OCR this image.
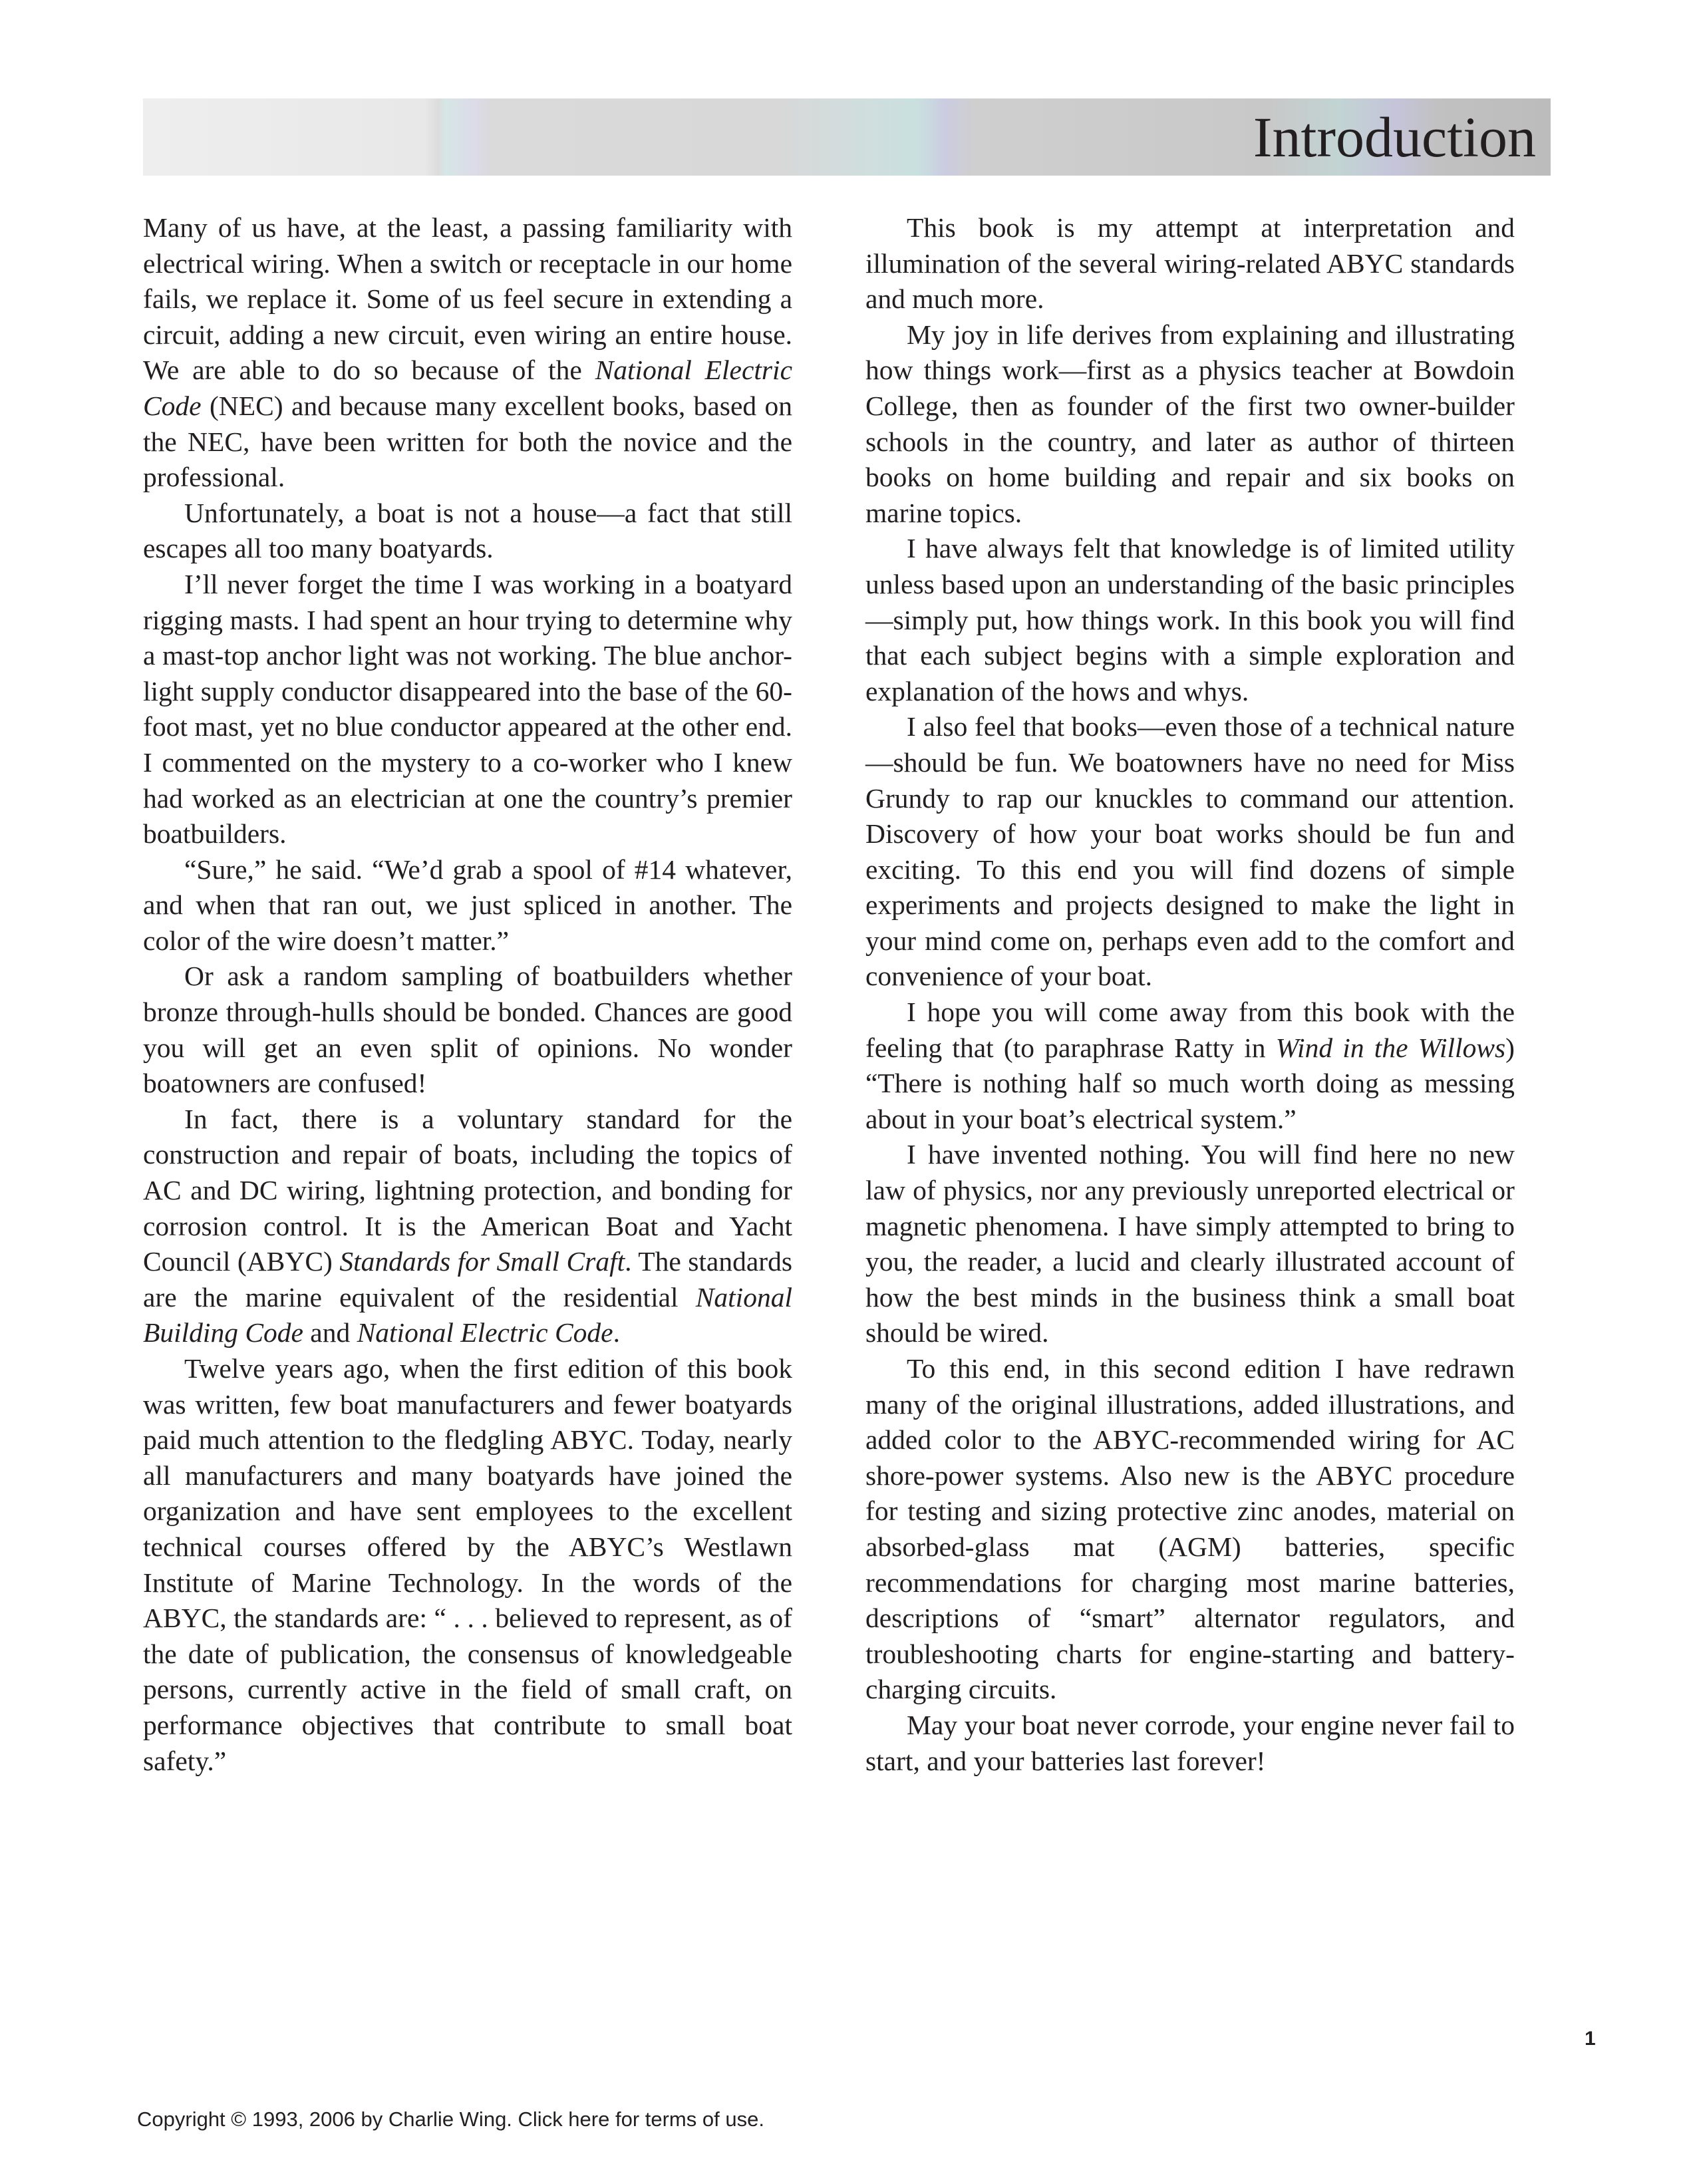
Introduction

Many of us have, at the least, a passing familiarity with electrical wiring. When a switch or receptacle in our home fails, we replace it. Some of us feel secure in extending a circuit, adding a new circuit, even wiring an entire house. We are able to do so because of the National Electric Code (NEC) and because many excellent books, based on the NEC, have been written for both the novice and the professional.

Unfortunately, a boat is not a house—a fact that still escapes all too many boatyards.

I’ll never forget the time I was working in a boatyard rigging masts. I had spent an hour trying to determine why a mast-top anchor light was not working. The blue anchor-light supply conductor disappeared into the base of the 60-foot mast, yet no blue conductor appeared at the other end. I commented on the mystery to a co-worker who I knew had worked as an electrician at one the country’s premier boatbuilders.

“Sure,” he said. “We’d grab a spool of #14 whatever, and when that ran out, we just spliced in another. The color of the wire doesn’t matter.”

Or ask a random sampling of boatbuilders whether bronze through-hulls should be bonded. Chances are good you will get an even split of opinions. No wonder boatowners are confused!

In fact, there is a voluntary standard for the construction and repair of boats, including the topics of AC and DC wiring, lightning protection, and bonding for corrosion control. It is the American Boat and Yacht Council (ABYC) Standards for Small Craft. The standards are the marine equivalent of the residential National Building Code and National Electric Code.

Twelve years ago, when the first edition of this book was written, few boat manufacturers and fewer boatyards paid much attention to the fledgling ABYC. Today, nearly all manufacturers and many boatyards have joined the organization and have sent employees to the excellent technical courses offered by the ABYC’s Westlawn Institute of Marine Technology. In the words of the ABYC, the standards are: “ . . . believed to represent, as of the date of publication, the consensus of knowledgeable persons, currently active in the field of small craft, on performance objectives that contribute to small boat safety.”

This book is my attempt at interpretation and illumination of the several wiring-related ABYC standards and much more.

My joy in life derives from explaining and illustrating how things work—first as a physics teacher at Bowdoin College, then as founder of the first two owner-builder schools in the country, and later as author of thirteen books on home building and repair and six books on marine topics.

I have always felt that knowledge is of limited utility unless based upon an understanding of the basic principles—simply put, how things work. In this book you will find that each subject begins with a simple exploration and explanation of the hows and whys.

I also feel that books—even those of a technical nature—should be fun. We boatowners have no need for Miss Grundy to rap our knuckles to command our attention. Discovery of how your boat works should be fun and exciting. To this end you will find dozens of simple experiments and projects designed to make the light in your mind come on, perhaps even add to the comfort and convenience of your boat.

I hope you will come away from this book with the feeling that (to paraphrase Ratty in Wind in the Willows) “There is nothing half so much worth doing as messing about in your boat’s electrical system.”

I have invented nothing. You will find here no new law of physics, nor any previously unreported electrical or magnetic phenomena. I have simply attempted to bring to you, the reader, a lucid and clearly illustrated account of how the best minds in the business think a small boat should be wired.

To this end, in this second edition I have redrawn many of the original illustrations, added illustrations, and added color to the ABYC-recommended wiring for AC shore-power systems. Also new is the ABYC procedure for testing and sizing protective zinc anodes, material on absorbed-glass mat (AGM) batteries, specific recommendations for charging most marine batteries, descriptions of “smart” alternator regulators, and troubleshooting charts for engine-starting and battery-charging circuits.

May your boat never corrode, your engine never fail to start, and your batteries last forever!

1
Copyright © 1993, 2006 by Charlie Wing. Click here for terms of use.
